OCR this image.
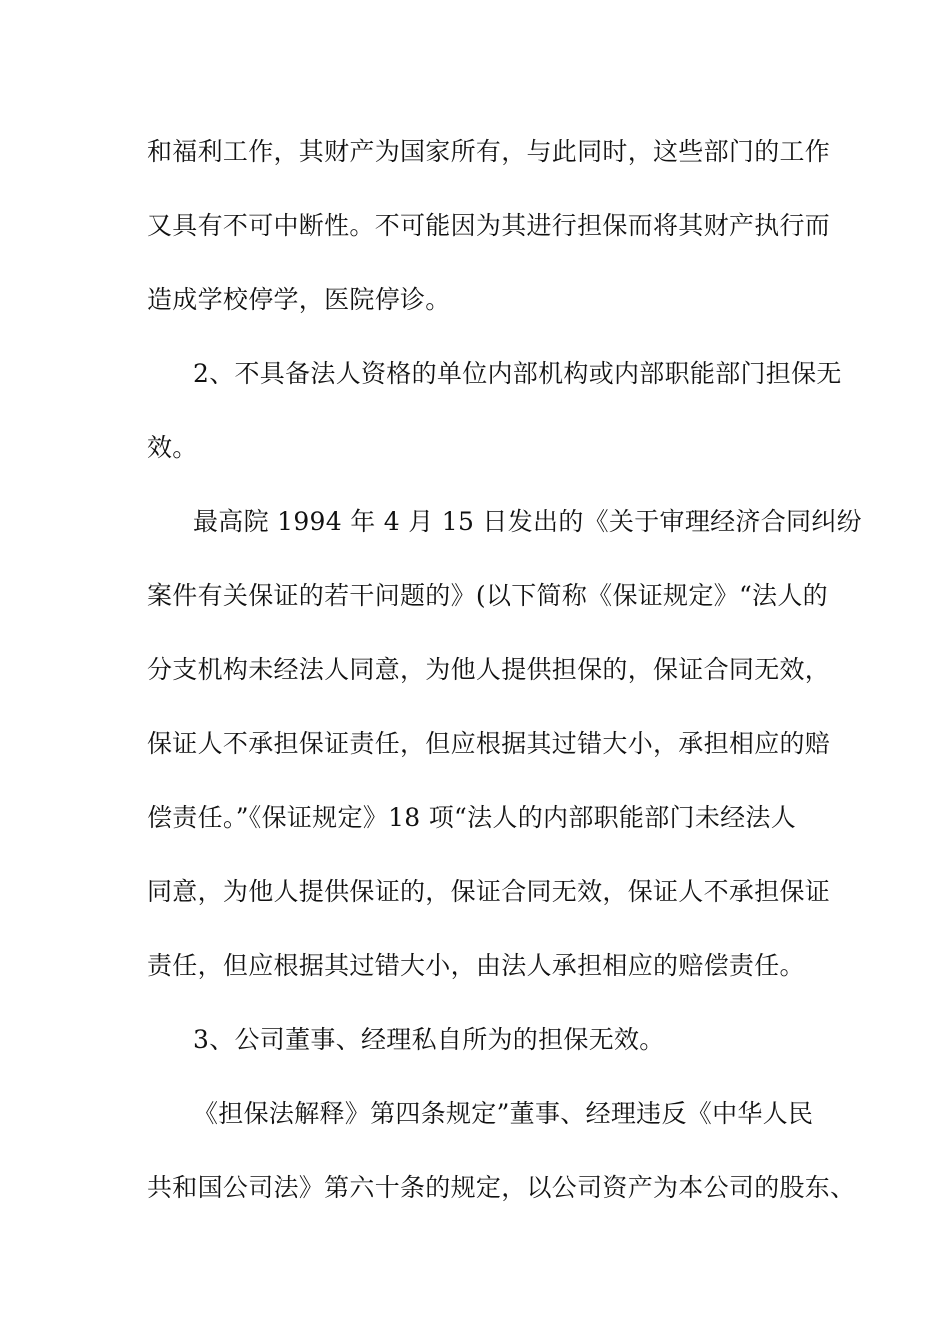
和福利工作，其财产为国家所有，与此同时，这些部门的工作
又具有不可中断性。不可能因为其进行担保而将其财产执行而
造成学校停学，医院停诊。
2、不具备法人资格的单位内部机构或内部职能部门担保无
效。
最高院 1994 年 4 月 15 日发出的《关于审理经济合同纠纷
案件有关保证的若干问题的》(以下简称《保证规定》“法人的
分支机构未经法人同意，为他人提供担保的，保证合同无效，
保证人不承担保证责任，但应根据其过错大小，承担相应的赔
偿责任。”《保证规定》18 项“法人的内部职能部门未经法人
同意，为他人提供保证的，保证合同无效，保证人不承担保证
责任，但应根据其过错大小，由法人承担相应的赔偿责任。
3、公司董事、经理私自所为的担保无效。
《担保法解释》第四条规定”董事、经理违反《中华人民
共和国公司法》第六十条的规定，以公司资产为本公司的股东、
